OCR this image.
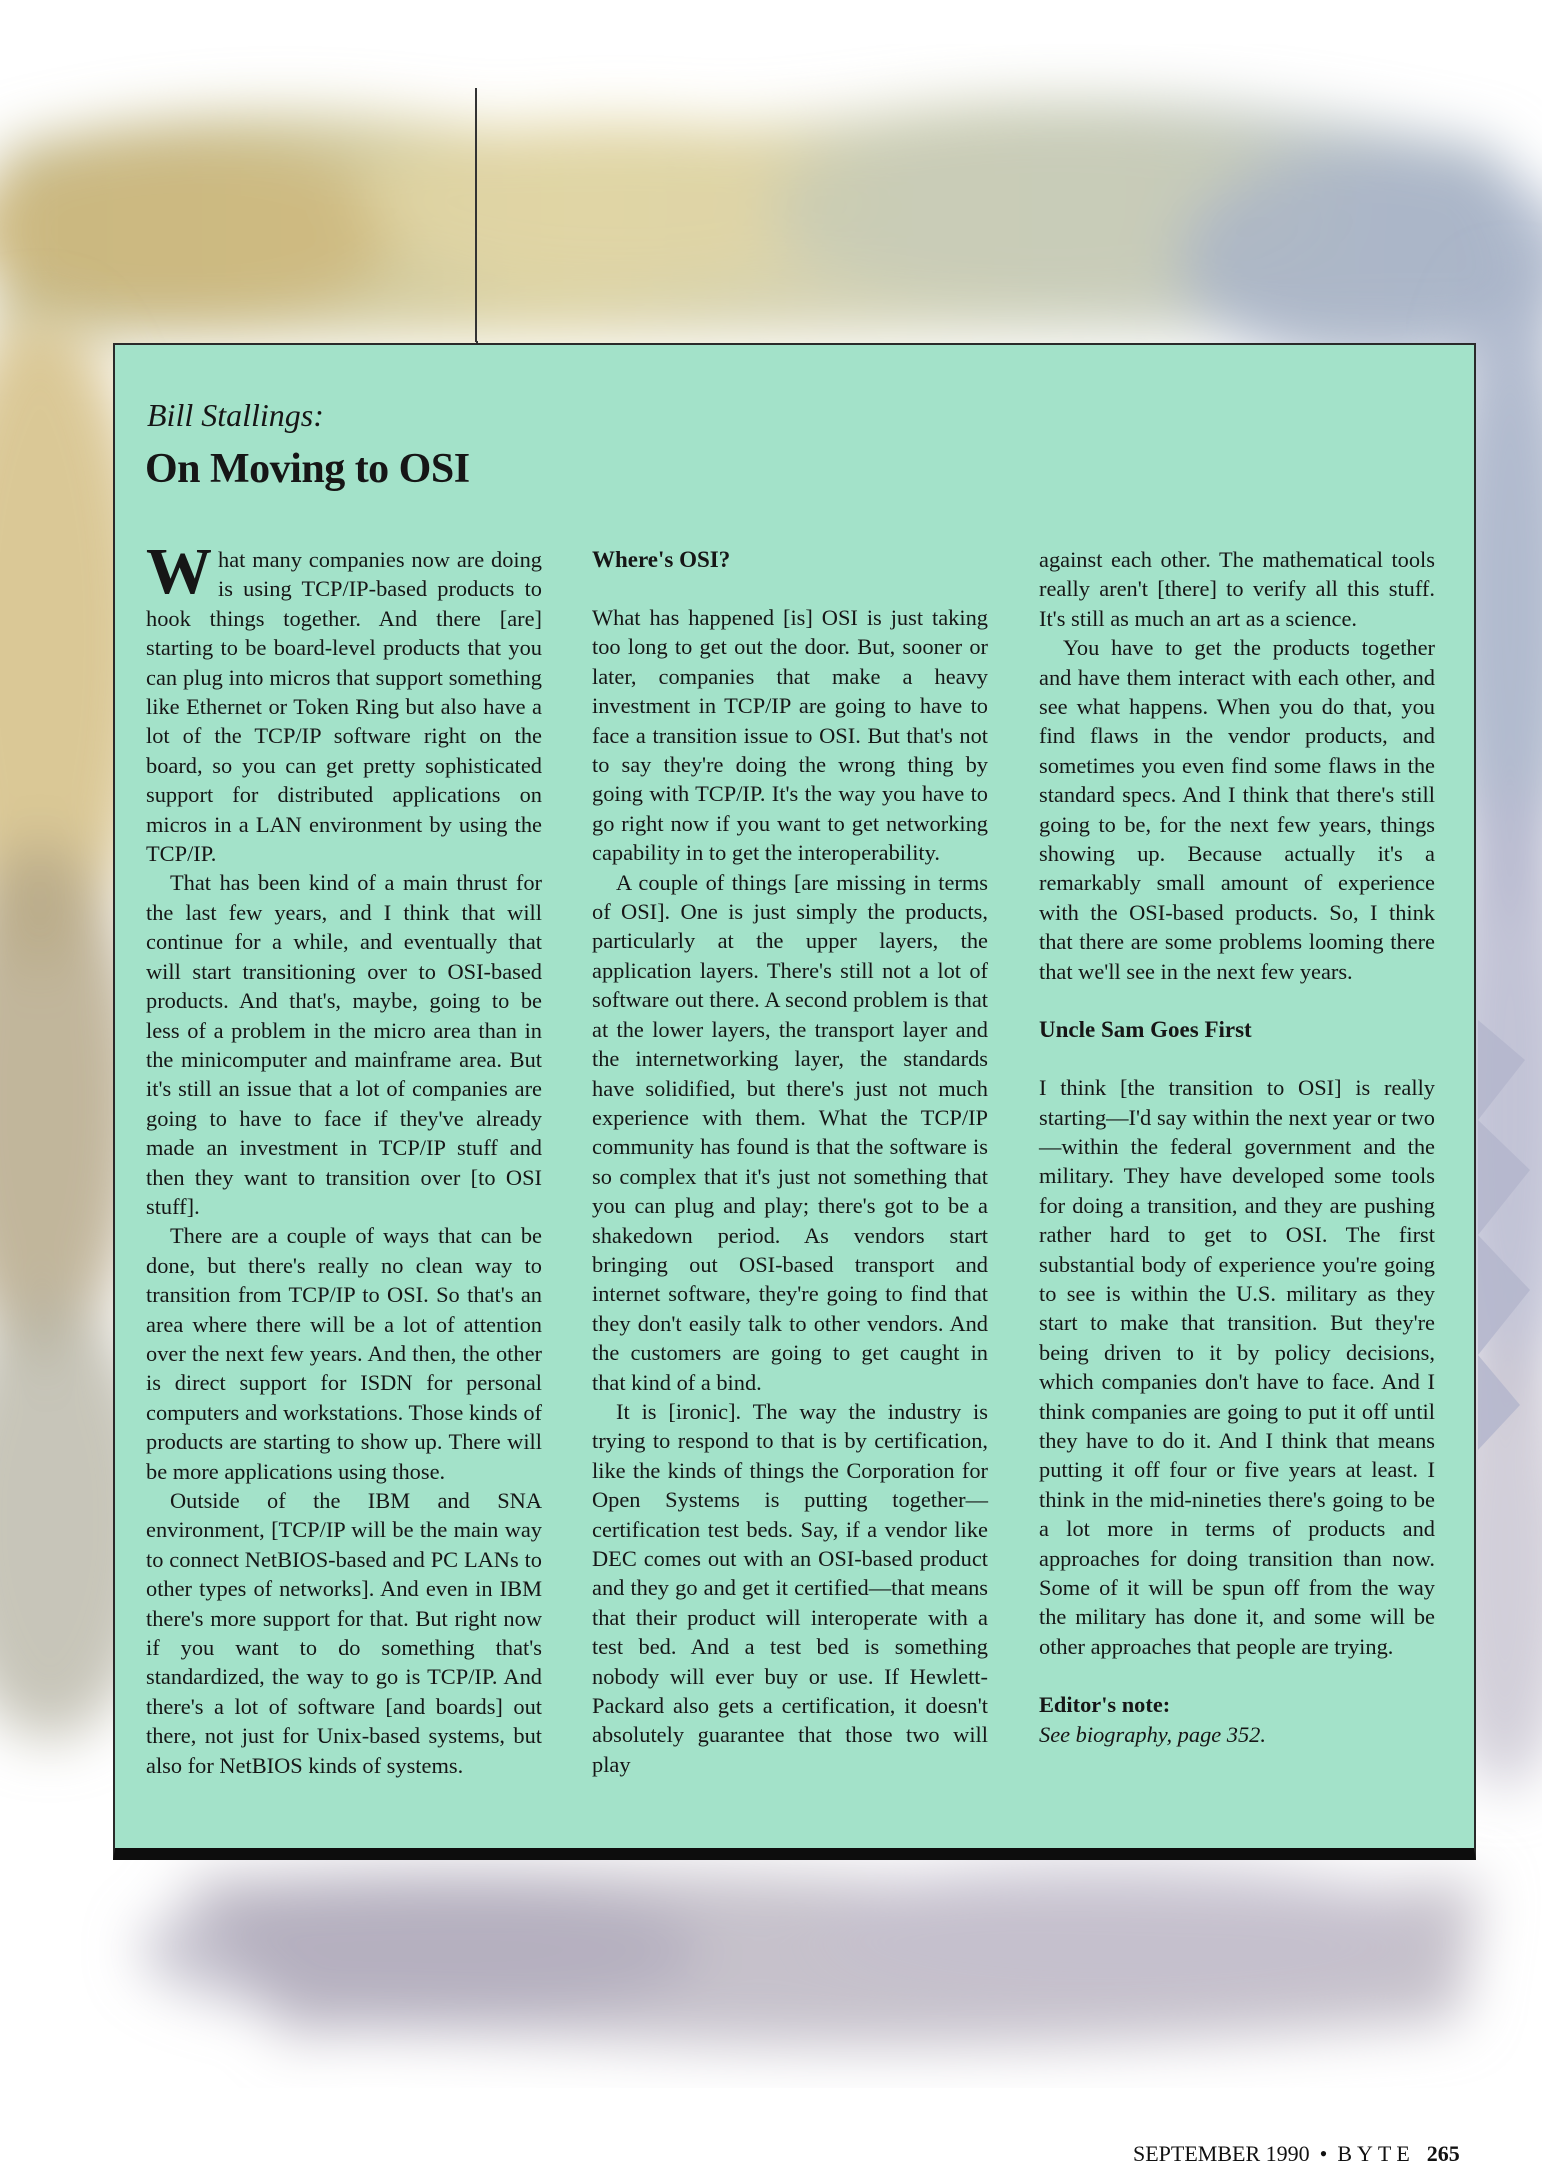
Bill Stallings:
On Moving to OSI

What many companies now are doing is using TCP/IP-based products to hook things together. And there [are] starting to be board-level products that you can plug into micros that support something like Ethernet or Token Ring but also have a lot of the TCP/IP software right on the board, so you can get pretty sophisticated support for distributed applications on micros in a LAN environment by using the TCP/IP.

That has been kind of a main thrust for the last few years, and I think that will continue for a while, and eventually that will start transitioning over to OSI-based products. And that's, maybe, going to be less of a problem in the micro area than in the minicomputer and mainframe area. But it's still an issue that a lot of companies are going to have to face if they've already made an investment in TCP/IP stuff and then they want to transition over [to OSI stuff].

There are a couple of ways that can be done, but there's really no clean way to transition from TCP/IP to OSI. So that's an area where there will be a lot of attention over the next few years. And then, the other is direct support for ISDN for personal computers and workstations. Those kinds of products are starting to show up. There will be more applications using those.

Outside of the IBM and SNA environment, [TCP/IP will be the main way to connect NetBIOS-based and PC LANs to other types of networks]. And even in IBM there's more support for that. But right now if you want to do something that's standardized, the way to go is TCP/IP. And there's a lot of software [and boards] out there, not just for Unix-based systems, but also for NetBIOS kinds of systems.

Where's OSI?

What has happened [is] OSI is just taking too long to get out the door. But, sooner or later, companies that make a heavy investment in TCP/IP are going to have to face a transition issue to OSI. But that's not to say they're doing the wrong thing by going with TCP/IP. It's the way you have to go right now if you want to get networking capability in to get the interoperability.

A couple of things [are missing in terms of OSI]. One is just simply the products, particularly at the upper layers, the application layers. There's still not a lot of software out there. A second problem is that at the lower layers, the transport layer and the internetworking layer, the standards have solidified, but there's just not much experience with them. What the TCP/IP community has found is that the software is so complex that it's just not something that you can plug and play; there's got to be a shakedown period. As vendors start bringing out OSI-based transport and internet software, they're going to find that they don't easily talk to other vendors. And the customers are going to get caught in that kind of a bind.

It is [ironic]. The way the industry is trying to respond to that is by certification, like the kinds of things the Corporation for Open Systems is putting together—certification test beds. Say, if a vendor like DEC comes out with an OSI-based product and they go and get it certified—that means that their product will interoperate with a test bed. And a test bed is something nobody will ever buy or use. If Hewlett-Packard also gets a certification, it doesn't absolutely guarantee that those two will play

against each other. The mathematical tools really aren't [there] to verify all this stuff. It's still as much an art as a science.

You have to get the products together and have them interact with each other, and see what happens. When you do that, you find flaws in the vendor products, and sometimes you even find some flaws in the standard specs. And I think that there's still going to be, for the next few years, things showing up. Because actually it's a remarkably small amount of experience with the OSI-based products. So, I think that there are some problems looming there that we'll see in the next few years.

Uncle Sam Goes First

I think [the transition to OSI] is really starting—I'd say within the next year or two—within the federal government and the military. They have developed some tools for doing a transition, and they are pushing rather hard to get to OSI. The first substantial body of experience you're going to see is within the U.S. military as they start to make that transition. But they're being driven to it by policy decisions, which companies don't have to face. And I think companies are going to put it off until they have to do it. And I think that means putting it off four or five years at least. I think in the mid-nineties there's going to be a lot more in terms of products and approaches for doing transition than now. Some of it will be spun off from the way the military has done it, and some will be other approaches that people are trying.

Editor's note:

See biography, page 352.

SEPTEMBER 1990 • BYTE 265
